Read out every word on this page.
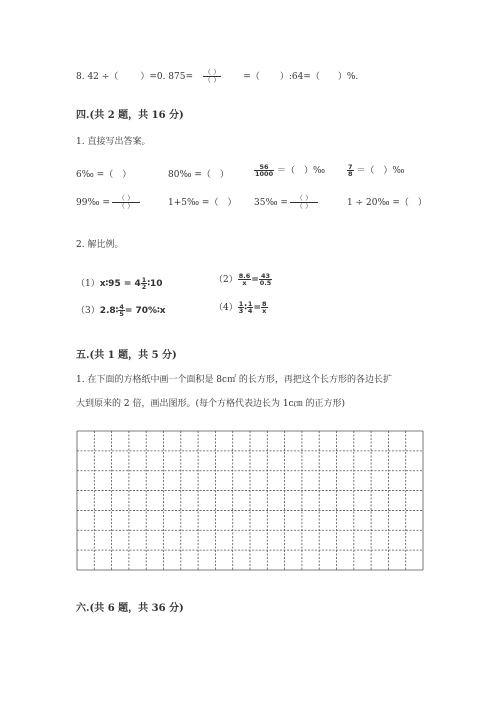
8. 42 ÷（ ）=0. $875= \frac{( )}{( )}$ =（ ）:64=（ ）%.
四.(共 2 题，共 16 分)
1. 直接写出答案。
6‰ =（　）	80‰ =（　）	$\frac{56}{1000}$ ＝（　）‰	$\frac{7}{8}$ ＝（　）‰
99‰ = $\frac{( )}{( )}$	1+5‰ =（　） 35‰ = $\frac{( )}{( )}$	1 ÷ 20‰ =（　）
2. 解比例。
（1）x∶95 = $4 \frac{1}{2}$ ∶10	$(2) \frac{8.6}{x} = \frac{43}{0.5}$
（3）2.8∶ $\frac{4}{5}$ = 70%∶x	$(4) \frac{1}{3}$ ∶ $\frac{1}{4} = \frac{8}{x}$
五.(共 1 题，共 5 分)
1. 在下面的方格纸中画一个面积是 8c㎡ 的长方形，再把这个长方形的各边长扩
大到原来的 2 倍，画出图形。(每个方格代表边长为 1c㎝ 的正方形)
六.(共 6 题，共 36 分)
